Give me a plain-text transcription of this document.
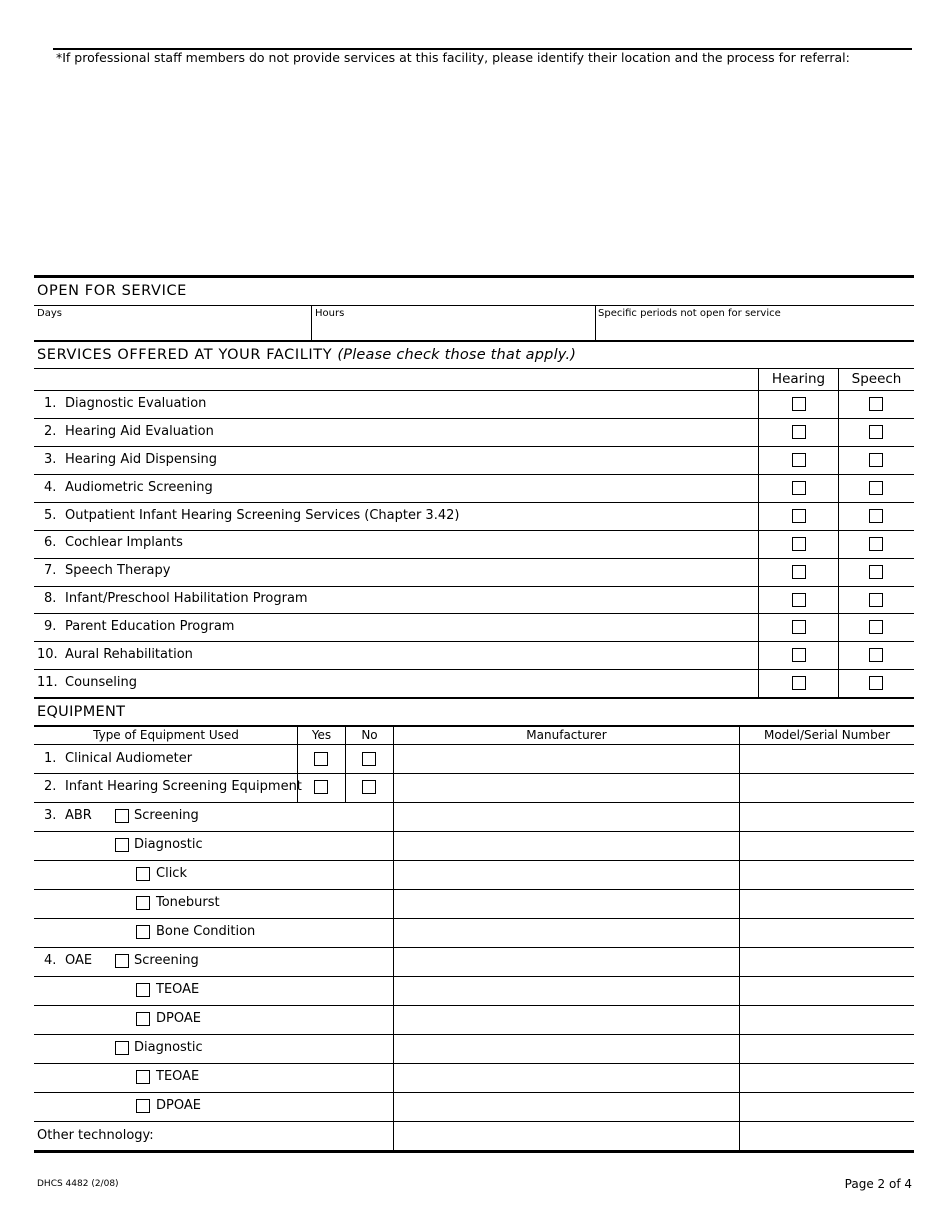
*If professional staff members do not provide services at this facility, please identify their location and the process for referral:
OPEN FOR SERVICE
Days	Hours	Specific periods not open for service
SERVICES OFFERED AT YOUR FACILITY (Please check those that apply.)
Hearing	Speech
1. Diagnostic Evaluation
2. Hearing Aid Evaluation
3. Hearing Aid Dispensing
4. Audiometric Screening
5. Outpatient Infant Hearing Screening Services (Chapter 3.42)
6. Cochlear Implants
7. Speech Therapy
8. Infant/Preschool Habilitation Program
9. Parent Education Program
10. Aural Rehabilitation
11. Counseling
EQUIPMENT
Type of Equipment Used	Yes	No	Manufacturer	Model/Serial Number
1. Clinical Audiometer
2. Infant Hearing Screening Equipment
3. ABR	Screening
Diagnostic
Click
Toneburst
Bone Condition
4. OAE	Screening
TEOAE
DPOAE
Diagnostic
TEOAE
DPOAE
Other technology:
DHCS 4482 (2/08)	Page 2 of 4
